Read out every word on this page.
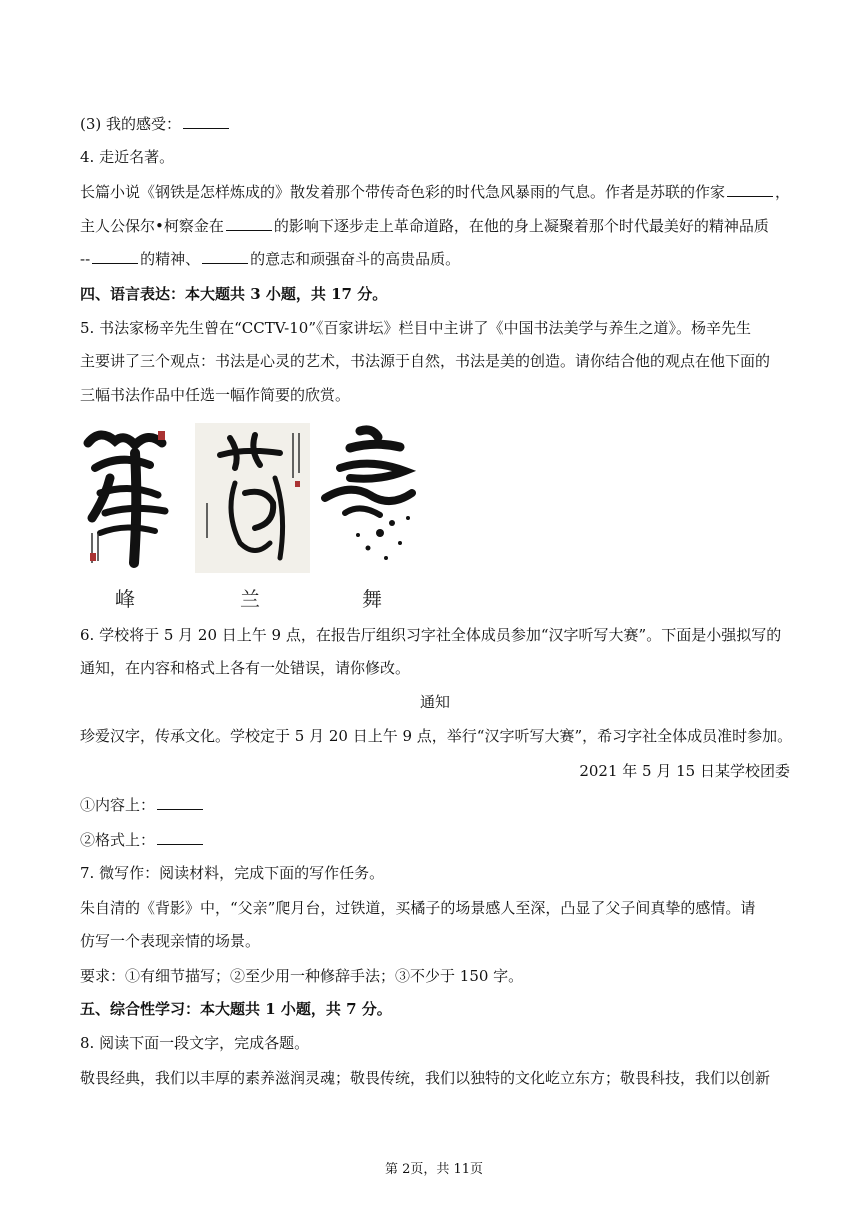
(3) 我的感受：
4. 走近名著。
长篇小说《钢铁是怎样炼成的》散发着那个带传奇色彩的时代急风暴雨的气息。作者是苏联的作家	，
主人公保尔•柯察金在	的影响下逐步走上革命道路，在他的身上凝聚着那个时代最美好的精神品质
--	的精神、	的意志和顽强奋斗的高贵品质。
四、语言表达：本大题共 3 小题，共 17 分。
5. 书法家杨辛先生曾在“CCTV-10”《百家讲坛》栏目中主讲了《中国书法美学与养生之道》。杨辛先生
主要讲了三个观点：书法是心灵的艺术，书法源于自然，书法是美的创造。请你结合他的观点在他下面的
三幅书法作品中任选一幅作简要的欣赏。
峰	兰	舞
6. 学校将于 5 月 20 日上午 9 点，在报告厅组织习字社全体成员参加“汉字听写大赛”。下面是小强拟写的
通知，在内容和格式上各有一处错误，请你修改。
通知
珍爱汉字，传承文化。学校定于 5 月 20 日上午 9 点，举行“汉字听写大赛”，希习字社全体成员准时参加。
2021 年 5 月 15 日某学校团委
①内容上：
②格式上：
7. 微写作：阅读材料，完成下面的写作任务。
朱自清的《背影》中，“父亲”爬月台，过铁道，买橘子的场景感人至深，凸显了父子间真挚的感情。请
仿写一个表现亲情的场景。
要求：①有细节描写；②至少用一种修辞手法；③不少于 150 字。
五、综合性学习：本大题共 1 小题，共 7 分。
8. 阅读下面一段文字，完成各题。
敬畏经典，我们以丰厚的素养滋润灵魂；敬畏传统，我们以独特的文化屹立东方；敬畏科技，我们以创新
第 2页，共 11页
